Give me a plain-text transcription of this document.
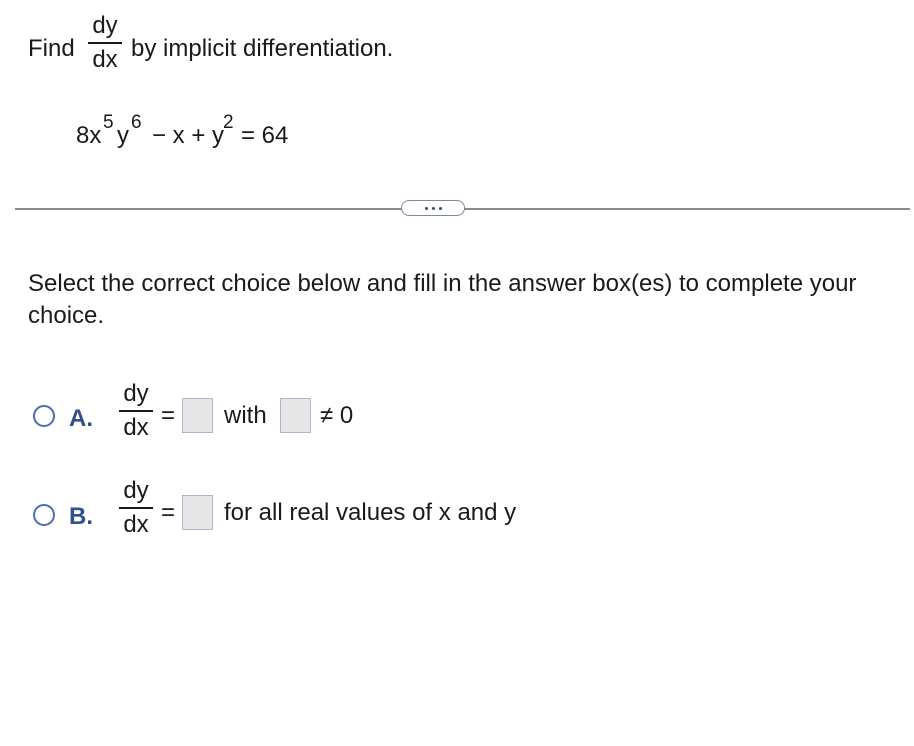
Find
dy
dx by implicit differentiation.
8x 5 y 6 − x + y
2 = 64
Select the correct choice below and fill in the answer box(es) to complete your choice.
A.
dy
dx = with ≠ 0
B.
dy
dx = for all real values of x and y
